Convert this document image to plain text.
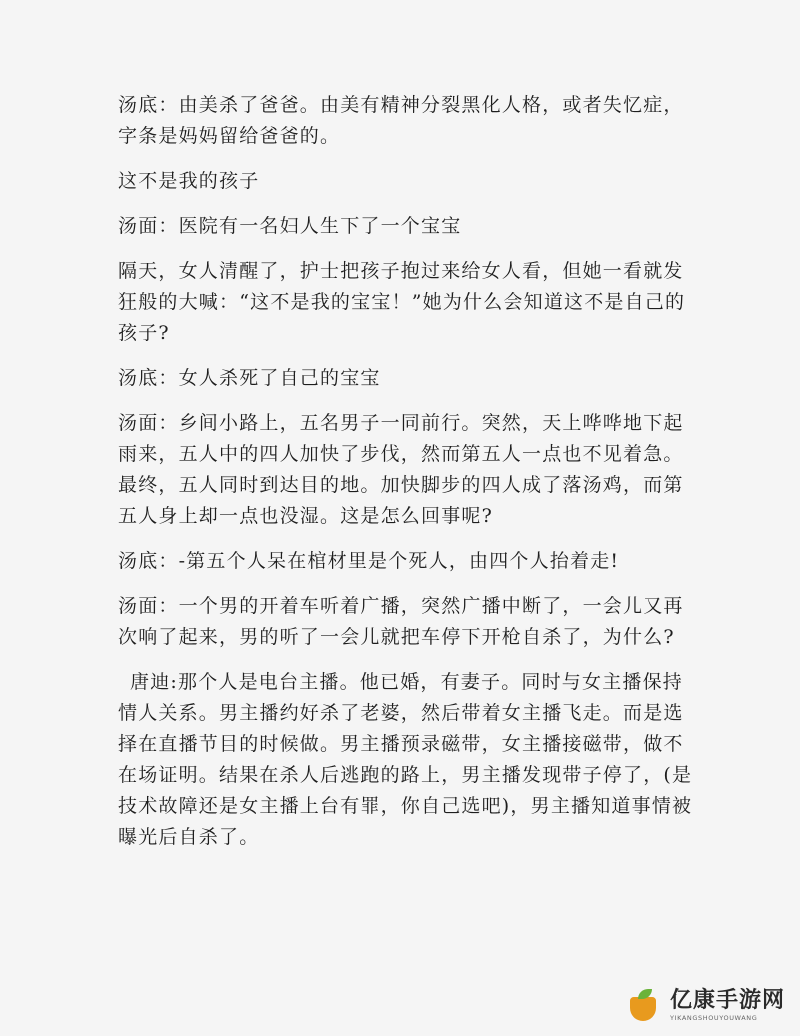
汤底：由美杀了爸爸。由美有精神分裂黑化人格，或者失忆症，字条是妈妈留给爸爸的。

这不是我的孩子

汤面：医院有一名妇人生下了一个宝宝

隔天，女人清醒了，护士把孩子抱过来给女人看，但她一看就发狂般的大喊：“这不是我的宝宝！”她为什么会知道这不是自己的孩子?

汤底：女人杀死了自己的宝宝

汤面：乡间小路上，五名男子一同前行。突然，天上哗哗地下起雨来，五人中的四人加快了步伐，然而第五人一点也不见着急。最终，五人同时到达目的地。加快脚步的四人成了落汤鸡，而第五人身上却一点也没湿。这是怎么回事呢?

汤底：-第五个人呆在棺材里是个死人，由四个人抬着走!

汤面：一个男的开着车听着广播，突然广播中断了，一会儿又再次响了起来，男的听了一会儿就把车停下开枪自杀了，为什么?

唐迪:那个人是电台主播。他已婚，有妻子。同时与女主播保持情人关系。男主播约好杀了老婆，然后带着女主播飞走。而是选择在直播节目的时候做。男主播预录磁带，女主播接磁带，做不在场证明。结果在杀人后逃跑的路上，男主播发现带子停了，(是技术故障还是女主播上台有罪，你自己选吧)，男主播知道事情被曝光后自杀了。

亿康手游网
YIKANGSHOUYOUWANG
